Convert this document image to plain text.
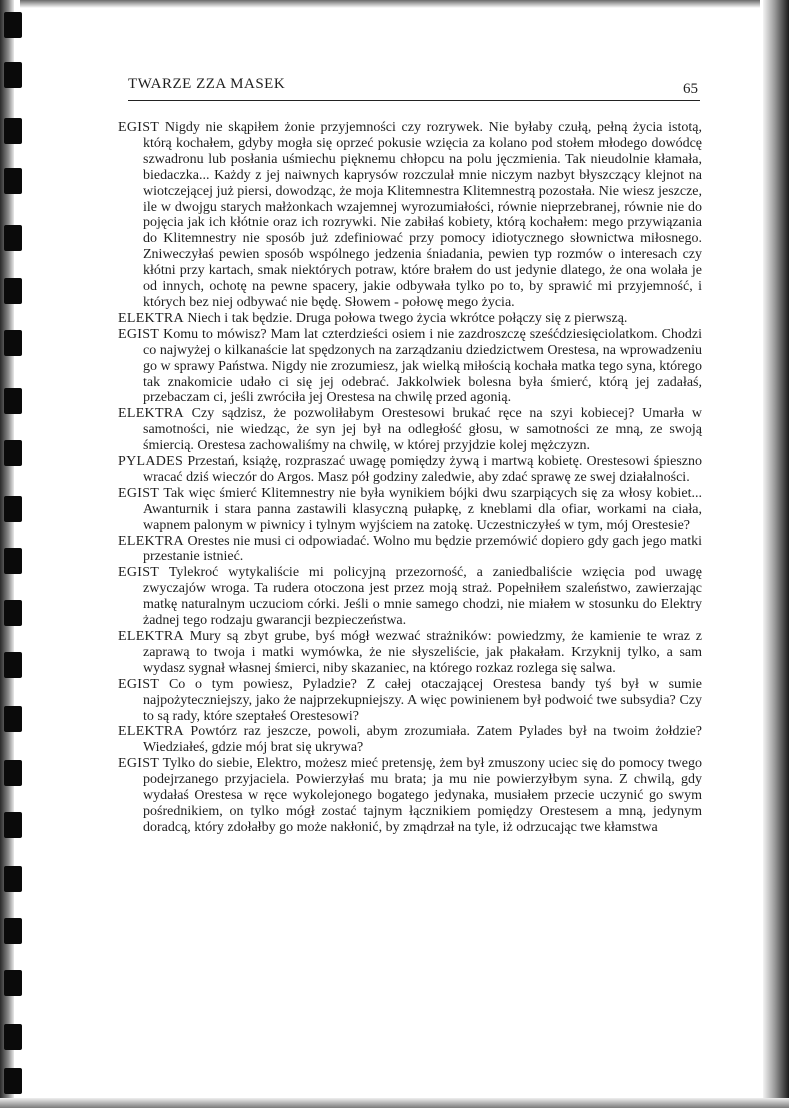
TWARZE ZZA MASEK	65

EGIST Nigdy nie skąpiłem żonie przyjemności czy rozrywek. Nie byłaby czułą, pełną życia istotą, którą kochałem, gdyby mogła się oprzeć pokusie wzięcia za kolano pod stołem młodego dowódcę szwadronu lub posłania uśmiechu pięknemu chłopcu na polu jęczmienia. Tak nieudolnie kłamała, biedaczka... Każdy z jej naiwnych kaprysów rozczulał mnie niczym nazbyt błyszczący klejnot na wiotczejącej już piersi, dowodząc, że moja Klitemnestra Klitemnestrą pozostała. Nie wiesz jeszcze, ile w dwojgu starych małżonkach wzajemnej wyrozumiałości, równie nieprzebranej, równie nie do pojęcia jak ich kłótnie oraz ich rozrywki. Nie zabiłaś kobiety, którą kochałem: mego przywiązania do Klitemnestry nie sposób już zdefiniować przy pomocy idiotycznego słownictwa miłosnego. Zniweczyłaś pewien sposób wspólnego jedzenia śniadania, pewien typ rozmów o interesach czy kłótni przy kartach, smak niektórych potraw, które brałem do ust jedynie dlatego, że ona wolała je od innych, ochotę na pewne spacery, jakie odbywała tylko po to, by sprawić mi przyjemność, i których bez niej odbywać nie będę. Słowem - połowę mego życia.

ELEKTRA Niech i tak będzie. Druga połowa twego życia wkrótce połączy się z pierwszą.

EGIST Komu to mówisz? Mam lat czterdzieści osiem i nie zazdroszczę sześćdziesięciolatkom. Chodzi co najwyżej o kilkanaście lat spędzonych na zarządzaniu dziedzictwem Orestesa, na wprowadzeniu go w sprawy Państwa. Nigdy nie zrozumiesz, jak wielką miłością kochała matka tego syna, którego tak znakomicie udało ci się jej odebrać. Jakkolwiek bolesna była śmierć, którą jej zadałaś, przebaczam ci, jeśli zwróciła jej Orestesa na chwilę przed agonią.

ELEKTRA Czy sądzisz, że pozwoliłabym Orestesowi brukać ręce na szyi kobiecej? Umarła w samotności, nie wiedząc, że syn jej był na odległość głosu, w samotności ze mną, ze swoją śmiercią. Orestesa zachowaliśmy na chwilę, w której przyjdzie kolej mężczyzn.

PYLADES Przestań, książę, rozpraszać uwagę pomiędzy żywą i martwą kobietę. Orestesowi śpieszno wracać dziś wieczór do Argos. Masz pół godziny zaledwie, aby zdać sprawę ze swej działalności.

EGIST Tak więc śmierć Klitemnestry nie była wynikiem bójki dwu szarpiących się za włosy kobiet... Awanturnik i stara panna zastawili klasyczną pułapkę, z kneblami dla ofiar, workami na ciała, wapnem palonym w piwnicy i tylnym wyjściem na zatokę. Uczestniczyłeś w tym, mój Orestesie?

ELEKTRA Orestes nie musi ci odpowiadać. Wolno mu będzie przemówić dopiero gdy gach jego matki przestanie istnieć.

EGIST Tylekroć wytykaliście mi policyjną przezorność, a zaniedbaliście wzięcia pod uwagę zwyczajów wroga. Ta rudera otoczona jest przez moją straż. Popełniłem szaleństwo, zawierzając matkę naturalnym uczuciom córki. Jeśli o mnie samego chodzi, nie miałem w stosunku do Elektry żadnej tego rodzaju gwarancji bezpieczeństwa.

ELEKTRA Mury są zbyt grube, byś mógł wezwać strażników: powiedzmy, że kamienie te wraz z zaprawą to twoja i matki wymówka, że nie słyszeliście, jak płakałam. Krzyknij tylko, a sam wydasz sygnał własnej śmierci, niby skazaniec, na którego rozkaz rozlega się salwa.

EGIST Co o tym powiesz, Pyladzie? Z całej otaczającej Orestesa bandy tyś był w sumie najpożyteczniejszy, jako że najprzekupniejszy. A więc powinienem był podwoić twe subsydia? Czy to są rady, które szeptałeś Orestesowi?

ELEKTRA Powtórz raz jeszcze, powoli, abym zrozumiała. Zatem Pylades był na twoim żołdzie? Wiedziałeś, gdzie mój brat się ukrywa?

EGIST Tylko do siebie, Elektro, możesz mieć pretensję, żem był zmuszony uciec się do pomocy twego podejrzanego przyjaciela. Powierzyłaś mu brata; ja mu nie powierzyłbym syna. Z chwilą, gdy wydałaś Orestesa w ręce wykolejonego bogatego jedynaka, musiałem przecie uczynić go swym pośrednikiem, on tylko mógł zostać tajnym łącznikiem pomiędzy Orestesem a mną, jedynym doradcą, który zdołałby go może nakłonić, by zmądrzał na tyle, iż odrzucając twe kłamstwa
